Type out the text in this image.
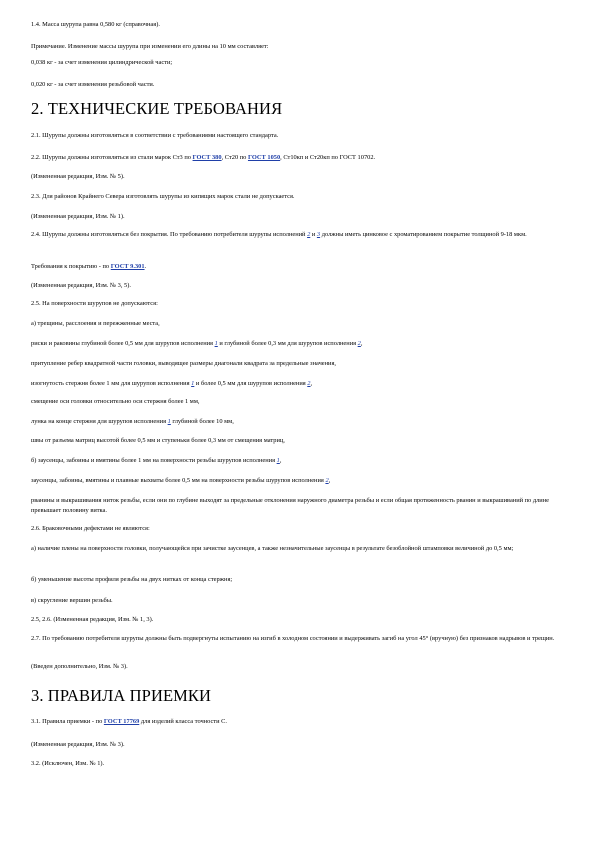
1.4. Масса шурупа равна 0,580 кг (справочная).
Примечание. Изменение массы шурупа при изменении его длины на 10 мм составляет:
0,038 кг - за счет изменения цилиндрической части;
0,020 кг - за счет изменения резьбовой части.
2. ТЕХНИЧЕСКИЕ ТРЕБОВАНИЯ
2.1. Шурупы должны изготовляться в соответствии с требованиями настоящего стандарта.
2.2. Шурупы должны изготовляться из стали марок Ст3 по ГОСТ 380, Ст20 по ГОСТ 1050, Ст10кп и Ст20кп по ГОСТ 10702.
(Измененная редакция, Изм. № 5).
2.3. Для районов Крайнего Севера изготовлять шурупы из кипящих марок стали не допускается.
(Измененная редакция, Изм. № 1).
2.4. Шурупы должны изготовляться без покрытия. По требованию потребителя шурупы исполнений 2 и 3 должны иметь цинковое с хроматированием покрытие толщиной 9-18 мкм.
Требования к покрытию - по ГОСТ 9.301.
(Измененная редакция, Изм. № 3, 5).
2.5. На поверхности шурупов не допускаются:
а) трещины, расслоения и пережженные места,
риски и раковины глубиной более 0,5 мм для шурупов исполнения 1 и глубиной более 0,3 мм для шурупов исполнения 2,
притупление ребер квадратной части головки, выводящее размеры диагонали квадрата за предельные значения,
изогнутость стержня более 1 мм для шурупов исполнения 1 и более 0,5 мм для шурупов исполнения 2,
смещение оси головки относительно оси стержня более 1 мм,
лунка на конце стержня для шурупов исполнения 1 глубиной более 10 мм,
швы от разъема матриц высотой более 0,5 мм и ступеньки более 0,3 мм от смещения матриц,
б) заусенцы, забоины и вмятины более 1 мм на поверхности резьбы шурупов исполнения 1,
заусенцы, забоины, вмятины и плавные выхваты более 0,5 мм на поверхности резьбы шурупов исполнения 2,
рванины и выкрашивания ниток резьбы, если они по глубине выходят за предельные отклонения наружного диаметра резьбы и если общая протяженность рванин и выкрашиваний по длине превышает половину витка.
2.6. Браковочными дефектами не являются:
а) наличие плены на поверхности головки, получающейся при зачистке заусенцев, а также незначительные заусенцы в результате безоблойной штамповки величиной до 0,5 мм;
б) уменьшение высоты профиля резьбы на двух нитках от конца стержня;
в) скругление вершин резьбы.
2.5, 2.6. (Измененная редакция, Изм. № 1, 3).
2.7. По требованию потребителя шурупы должны быть подвергнуты испытанию на изгиб в холодном состоянии и выдерживать загиб на угол 45° (вручную) без признаков надрывов и трещин.
(Введен дополнительно, Изм. № 3).
3. ПРАВИЛА ПРИЕМКИ
3.1. Правила приемки - по ГОСТ 17769 для изделий класса точности С.
(Измененная редакция, Изм. № 3).
3.2. (Исключен, Изм. № 1).
